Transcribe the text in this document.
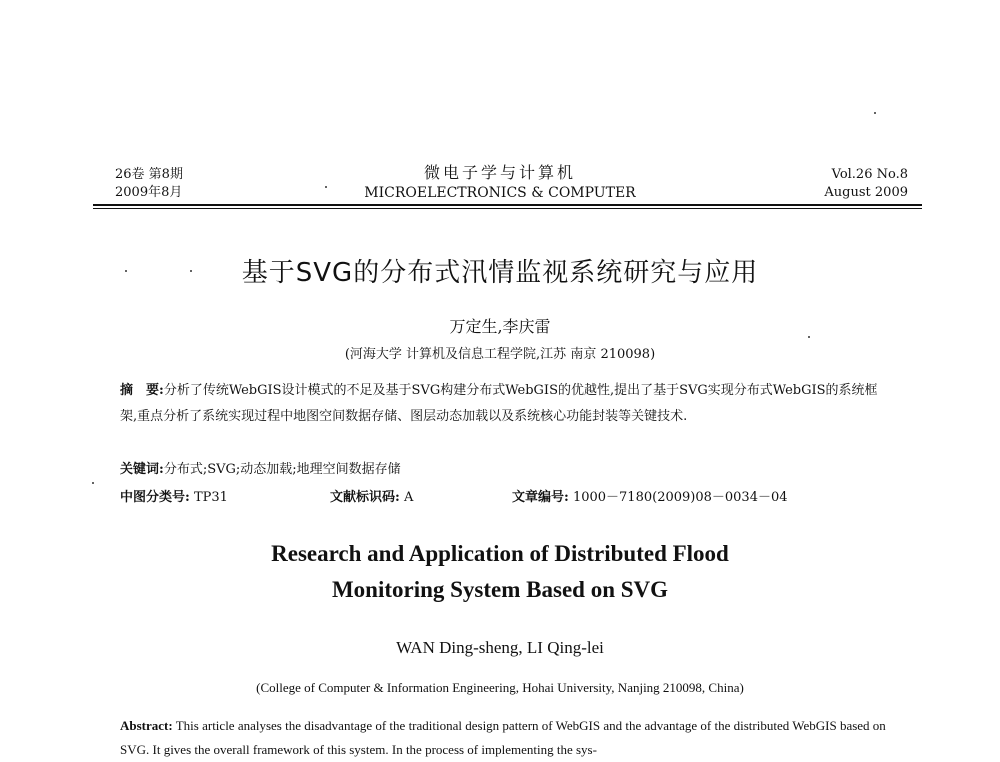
26卷 第8期
2009年8月
微电子学与计算机
MICROELECTRONICS & COMPUTER
Vol.26 No.8
August 2009
基于SVG的分布式汛情监视系统研究与应用
万定生,李庆雷
(河海大学 计算机及信息工程学院,江苏 南京 210098)
摘　要:分析了传统WebGIS设计模式的不足及基于SVG构建分布式WebGIS的优越性,提出了基于SVG实现分布式WebGIS的系统框架,重点分析了系统实现过程中地图空间数据存储、图层动态加载以及系统核心功能封装等关键技术.
关键词:分布式;SVG;动态加载;地理空间数据存储
中图分类号: TP31	文献标识码: A	文章编号: 1000－7180(2009)08－0034－04
Research and Application of Distributed Flood Monitoring System Based on SVG
WAN Ding-sheng, LI Qing-lei
(College of Computer & Information Engineering, Hohai University, Nanjing 210098, China)
Abstract: This article analyses the disadvantage of the traditional design pattern of WebGIS and the advantage of the distributed WebGIS based on SVG. It gives the overall framework of this system. In the process of implementing the sys-
